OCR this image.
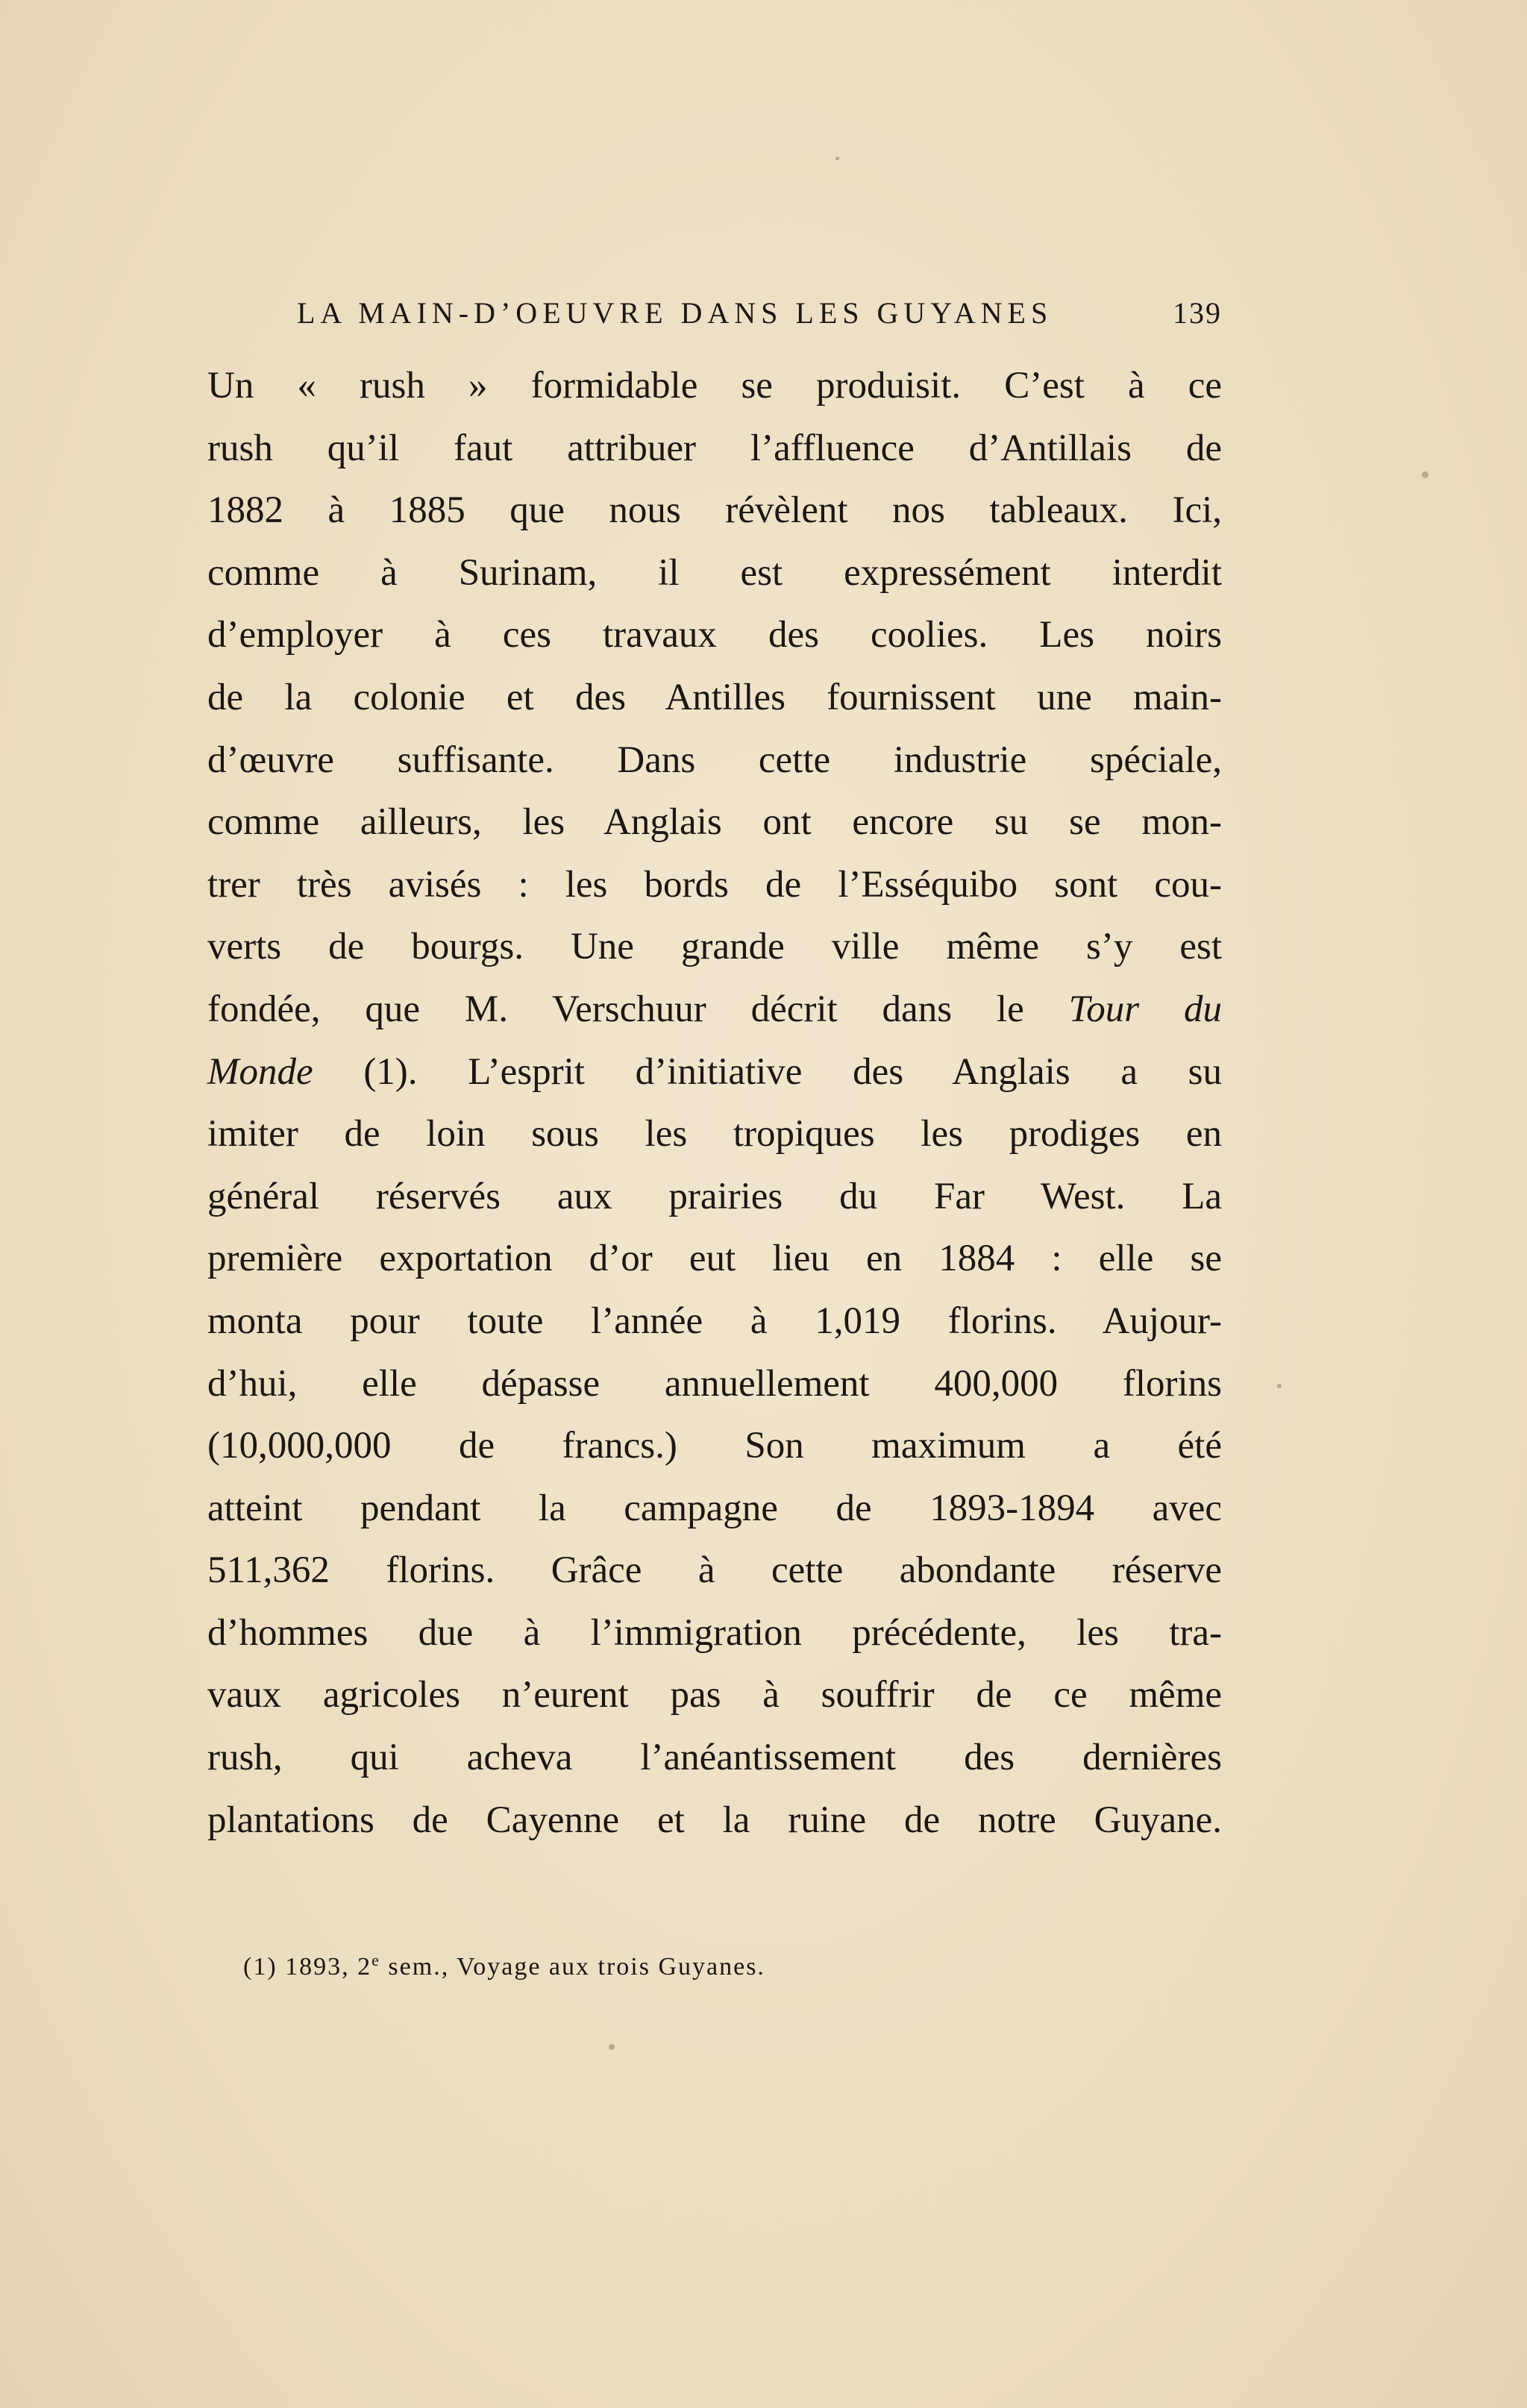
LA MAIN-D’OEUVRE DANS LES GUYANES	139
Un « rush » formidable se produisit. C’est à ce
rush qu’il faut attribuer l’affluence d’Antillais de
1882 à 1885 que nous révèlent nos tableaux. Ici,
comme à Surinam, il est expressément interdit
d’employer à ces travaux des coolies. Les noirs
de la colonie et des Antilles fournissent une main-
d’œuvre suffisante. Dans cette industrie spéciale,
comme ailleurs, les Anglais ont encore su se mon-
trer très avisés : les bords de l’Esséquibo sont cou-
verts de bourgs. Une grande ville même s’y est
fondée, que M. Verschuur décrit dans le Tour du
Monde (1). L’esprit d’initiative des Anglais a su
imiter de loin sous les tropiques les prodiges en
général réservés aux prairies du Far West. La
première exportation d’or eut lieu en 1884 : elle se
monta pour toute l’année à 1,019 florins. Aujour-
d’hui, elle dépasse annuellement 400,000 florins
(10,000,000 de francs.) Son maximum a été
atteint pendant la campagne de 1893-1894 avec
511,362 florins. Grâce à cette abondante réserve
d’hommes due à l’immigration précédente, les tra-
vaux agricoles n’eurent pas à souffrir de ce même
rush, qui acheva l’anéantissement des dernières
plantations de Cayenne et la ruine de notre Guyane.
(1) 1893, 2e sem., Voyage aux trois Guyanes.
